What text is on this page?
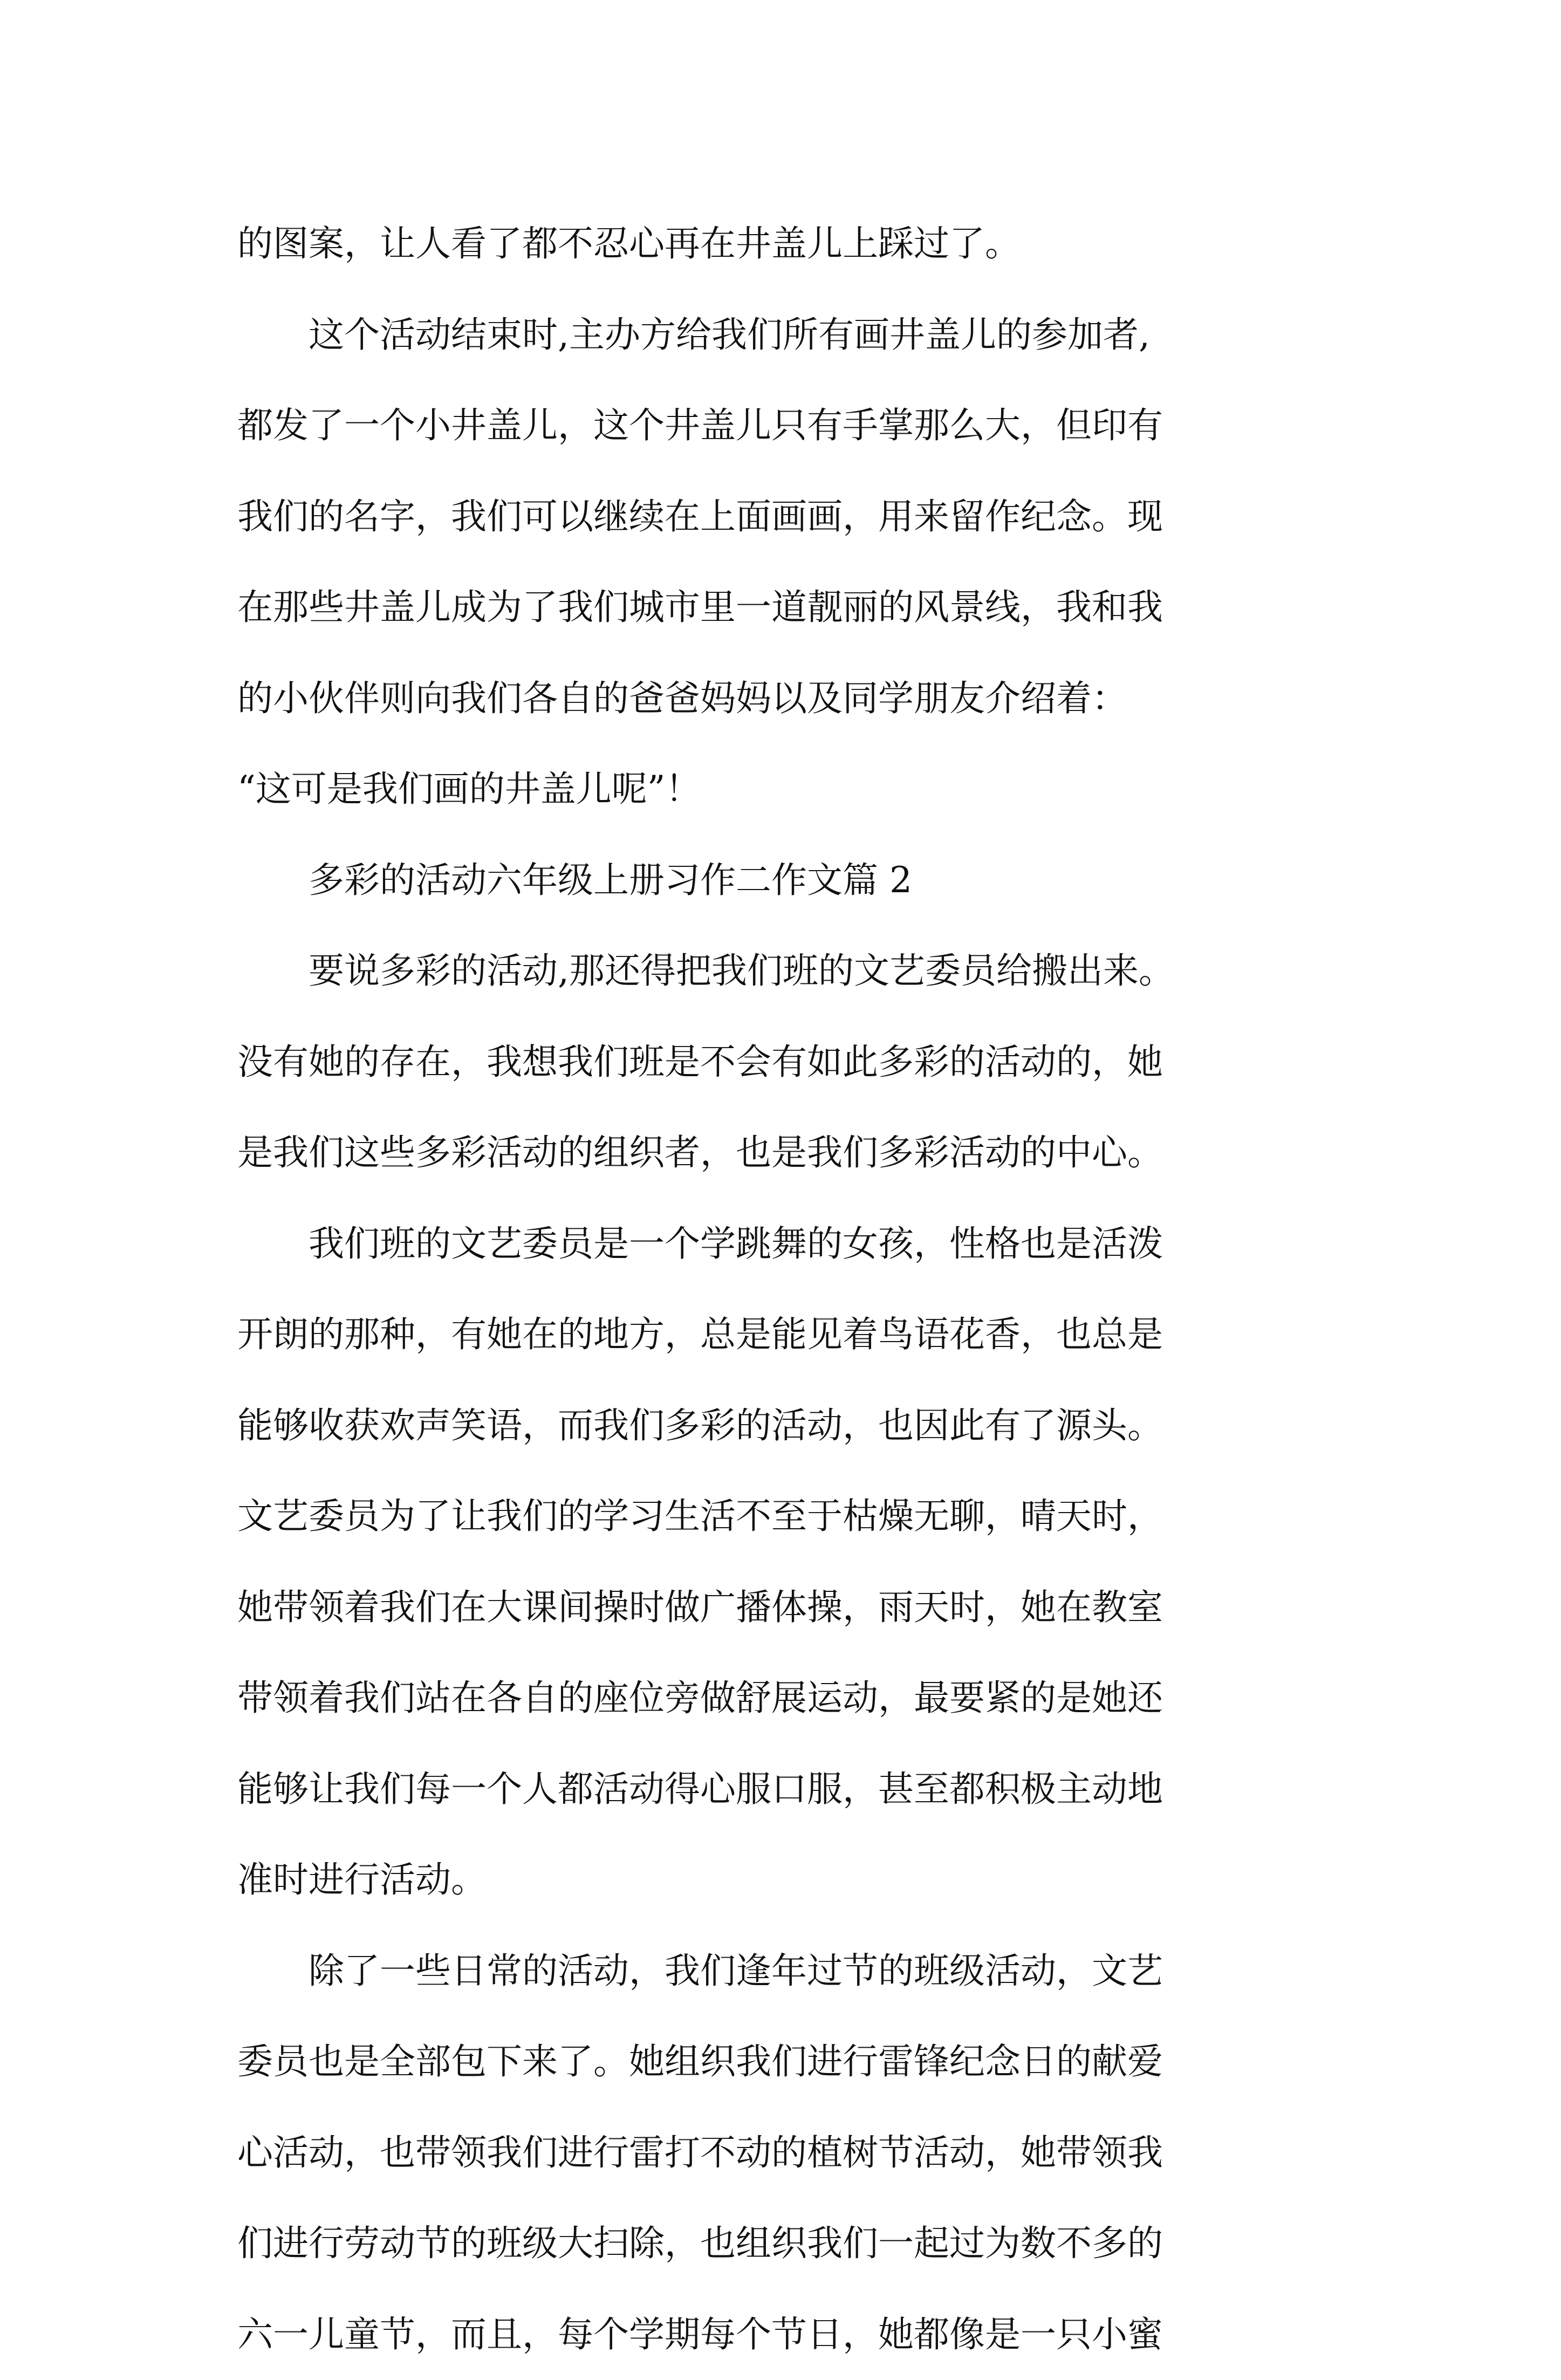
的图案，让人看了都不忍心再在井盖儿上踩过了。
　　这个活动结束时,主办方给我们所有画井盖儿的参加者,
都发了一个小井盖儿，这个井盖儿只有手掌那么大，但印有
我们的名字，我们可以继续在上面画画，用来留作纪念。现
在那些井盖儿成为了我们城市里一道靓丽的风景线，我和我
的小伙伴则向我们各自的爸爸妈妈以及同学朋友介绍着：
“这可是我们画的井盖儿呢”！
　　多彩的活动六年级上册习作二作文篇 2
　　要说多彩的活动,那还得把我们班的文艺委员给搬出来。
没有她的存在，我想我们班是不会有如此多彩的活动的，她
是我们这些多彩活动的组织者，也是我们多彩活动的中心。
　　我们班的文艺委员是一个学跳舞的女孩，性格也是活泼
开朗的那种，有她在的地方，总是能见着鸟语花香，也总是
能够收获欢声笑语，而我们多彩的活动，也因此有了源头。
文艺委员为了让我们的学习生活不至于枯燥无聊，晴天时，
她带领着我们在大课间操时做广播体操，雨天时，她在教室
带领着我们站在各自的座位旁做舒展运动，最要紧的是她还
能够让我们每一个人都活动得心服口服，甚至都积极主动地
准时进行活动。
　　除了一些日常的活动，我们逢年过节的班级活动，文艺
委员也是全部包下来了。她组织我们进行雷锋纪念日的献爱
心活动，也带领我们进行雷打不动的植树节活动，她带领我
们进行劳动节的班级大扫除，也组织我们一起过为数不多的
六一儿童节，而且，每个学期每个节日，她都像是一只小蜜
